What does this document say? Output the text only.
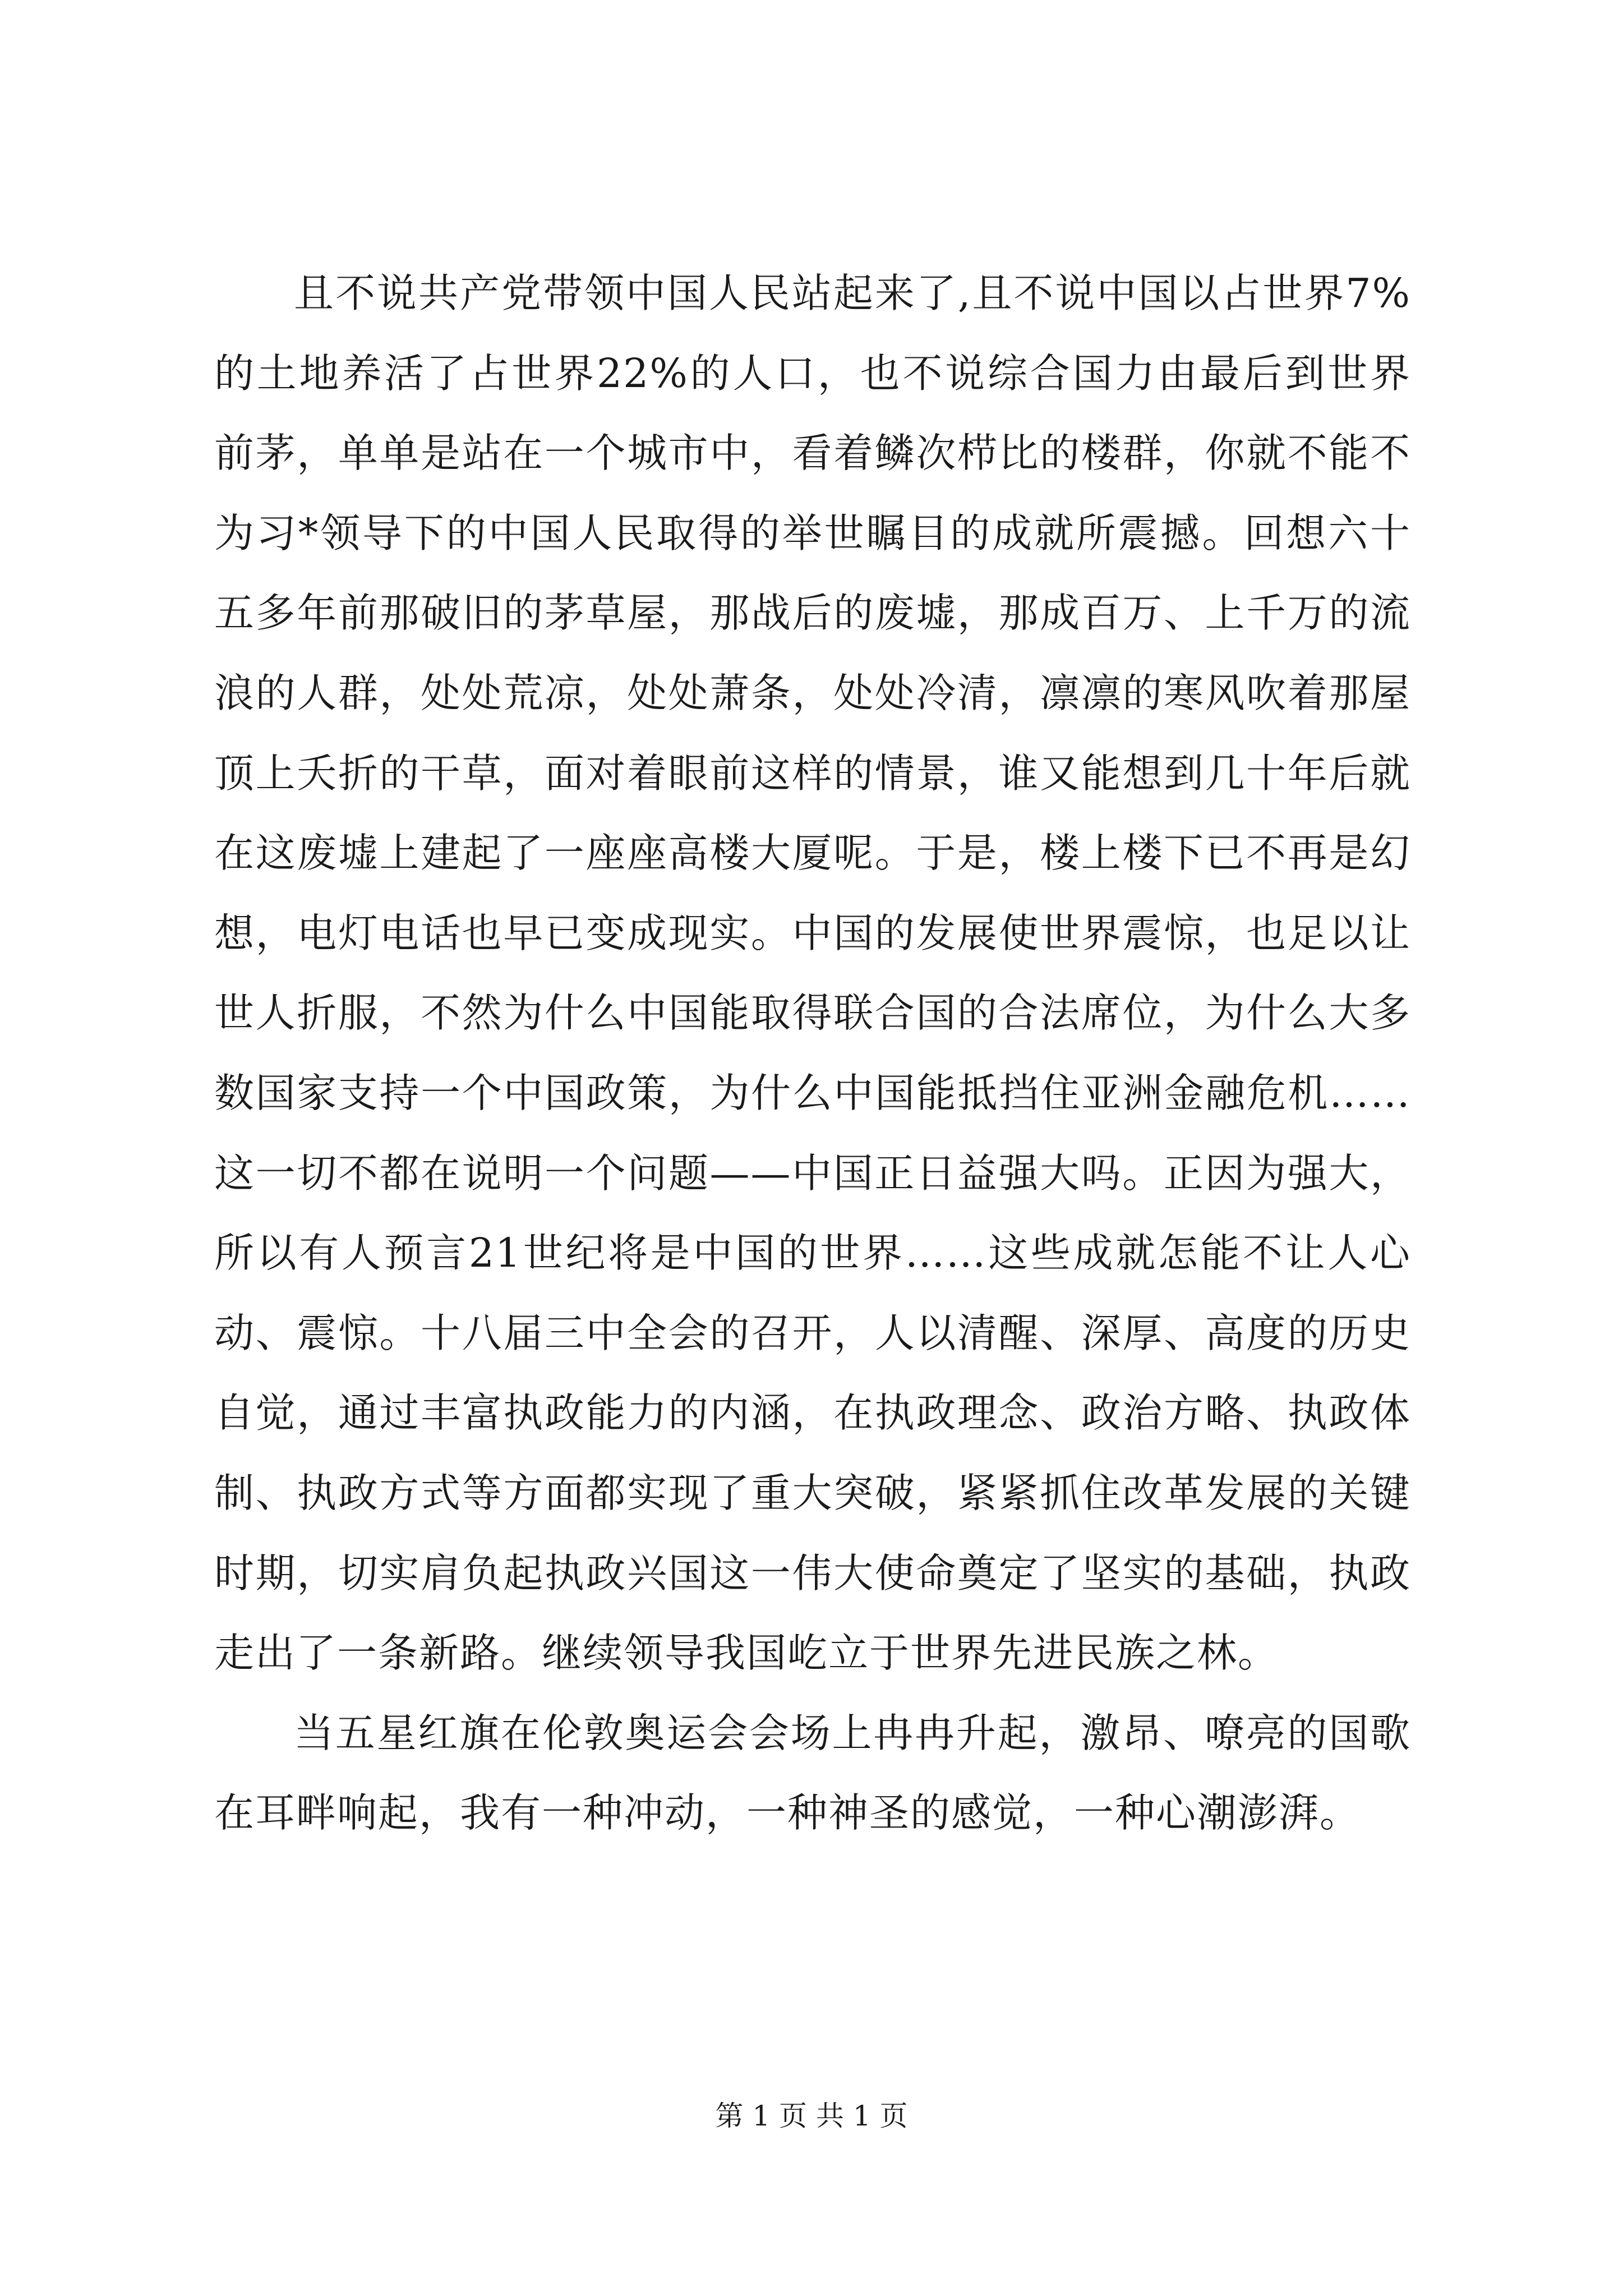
且不说共产党带领中国人民站起来了,且不说中国以占世界7%的土地养活了占世界22%的人口，也不说综合国力由最后到世界前茅，单单是站在一个城市中，看着鳞次栉比的楼群，你就不能不为习*领导下的中国人民取得的举世瞩目的成就所震撼。回想六十五多年前那破旧的茅草屋，那战后的废墟，那成百万、上千万的流浪的人群，处处荒凉，处处萧条，处处冷清，凛凛的寒风吹着那屋顶上夭折的干草，面对着眼前这样的情景，谁又能想到几十年后就在这废墟上建起了一座座高楼大厦呢。于是，楼上楼下已不再是幻想，电灯电话也早已变成现实。中国的发展使世界震惊，也足以让世人折服，不然为什么中国能取得联合国的合法席位，为什么大多数国家支持一个中国政策，为什么中国能抵挡住亚洲金融危机……这一切不都在说明一个问题——中国正日益强大吗。正因为强大，所以有人预言21世纪将是中国的世界……这些成就怎能不让人心动、震惊。十八届三中全会的召开，人以清醒、深厚、高度的历史自觉，通过丰富执政能力的内涵，在执政理念、政治方略、执政体制、执政方式等方面都实现了重大突破，紧紧抓住改革发展的关键时期，切实肩负起执政兴国这一伟大使命奠定了坚实的基础，执政走出了一条新路。继续领导我国屹立于世界先进民族之林。

当五星红旗在伦敦奥运会会场上冉冉升起，激昂、嘹亮的国歌在耳畔响起，我有一种冲动，一种神圣的感觉，一种心潮澎湃。

第 1 页 共 1 页
